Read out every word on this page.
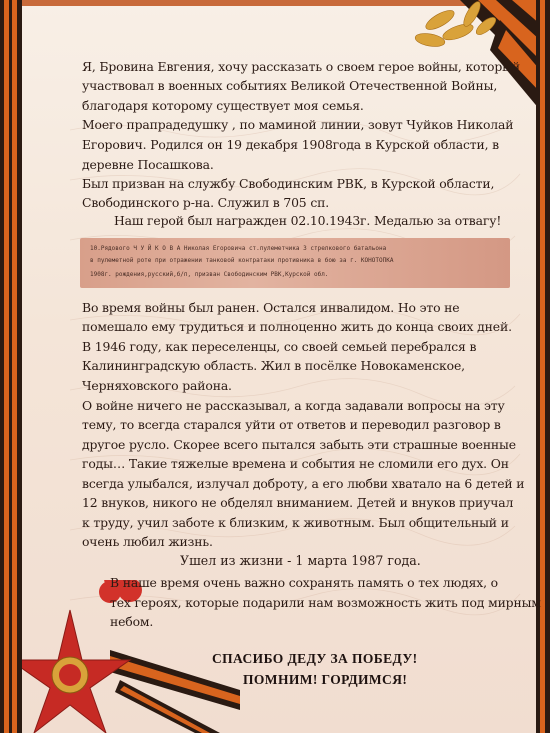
Я, Бровина Евгения, хочу рассказать о своем герое войны, который
участвовал в военных событиях Великой Отечественной Войны,
благодаря которому существует моя семья.
Моего прапрадедушку , по маминой линии, зовут Чуйков Николай
Егорович. Родился он 19 декабря 1908года в Курской области, в
деревне Посашкова.
Был призван на службу Свободинским РВК, в Курской области,
Свободинского р-на. Служил в 705 сп.
Наш герой был награжден 02.10.1943г. Медалью за отвагу!
10.Рядового Ч У Й К О В А Николая Егоровича ст.пулеметчика 3 стрелкового батальона
в пулеметной роте при отражении танковой контратаки противника в бою за г. КОНОТОПКА
1908г. рождения,русский,б/п, призван Свободинским РВК,Курской обл.
Во время войны был ранен. Остался инвалидом. Но это не
помешало ему трудиться и полноценно жить до конца своих дней.
В 1946 году, как переселенцы, со своей семьей перебрался в
Калининградскую область. Жил в посёлке Новокаменское,
Черняховского района.
О войне ничего не рассказывал, а когда задавали вопросы на эту
тему, то всегда старался уйти от ответов и переводил разговор в
другое русло. Скорее всего пытался забыть эти страшные военные
годы… Такие тяжелые времена и события не сломили его дух. Он
всегда улыбался, излучал доброту, а его любви хватало на 6 детей и
12 внуков, никого не обделял вниманием. Детей и внуков приучал
к труду, учил заботе к близким, к животным. Был общительный и
очень любил жизнь.
Ушел из жизни - 1 марта 1987 года.
В наше время очень важно сохранять память о тех людях, о
тех героях, которые подарили нам возможность жить под мирным
небом.
СПАСИБО ДЕДУ ЗА ПОБЕДУ!
ПОМНИМ! ГОРДИМСЯ!
